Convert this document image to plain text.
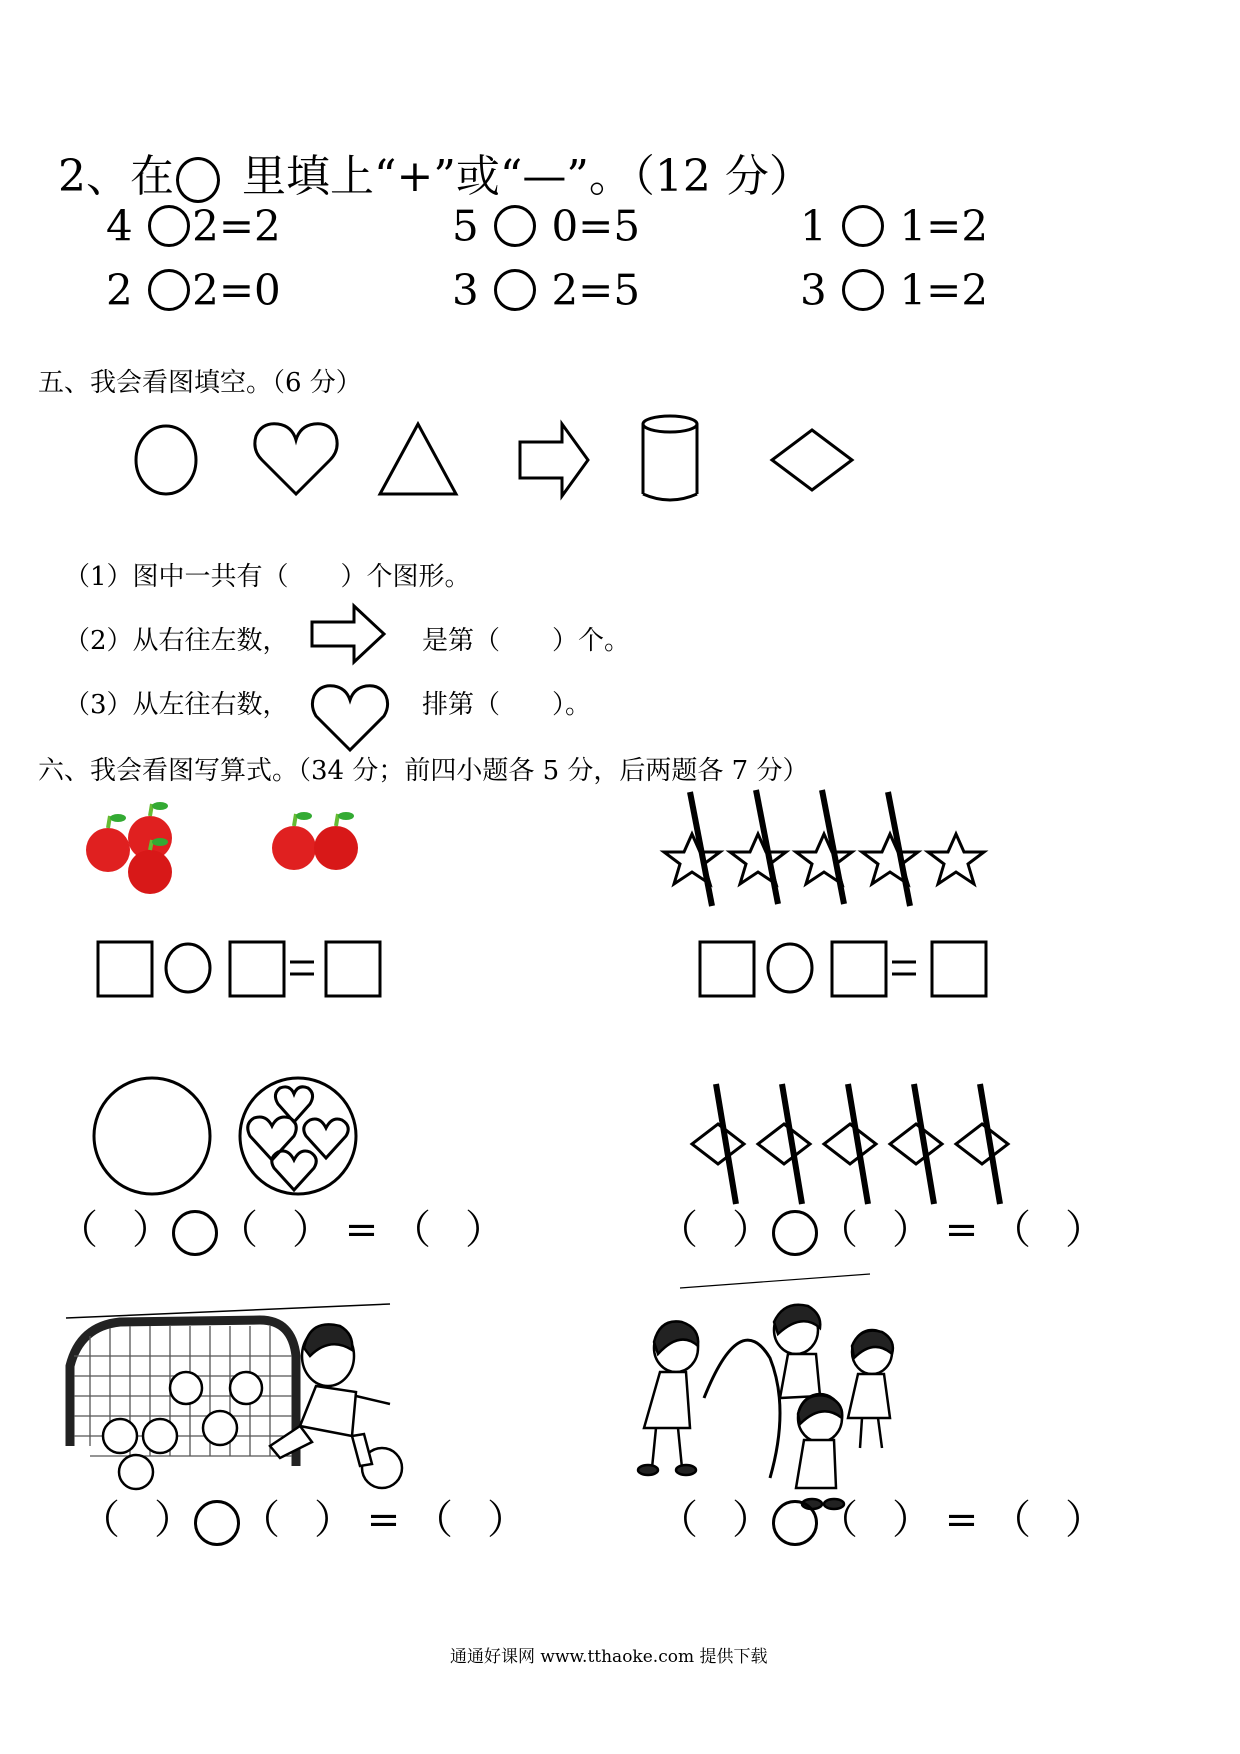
2、在 里填上“+”或“—”。（12 分）
4 2=2	5 0=5	1 1=2
2 2=0	3 2=5	3 1=2
五、我会看图填空。（6 分）
（1）图中一共有（　　）个图形。
（2）从右往左数，	是第（　　）个。
（3）从左往右数，	排第（　　）。
六、我会看图写算式。（34 分；前四小题各 5 分，后两题各 7 分）
（ ） （ ） = （ ）	（ ） （ ） = （ ）
（ ） （ ） = （ ）	（ ） （ ） = （ ）
通通好课网 www.tthaoke.com 提供下载
